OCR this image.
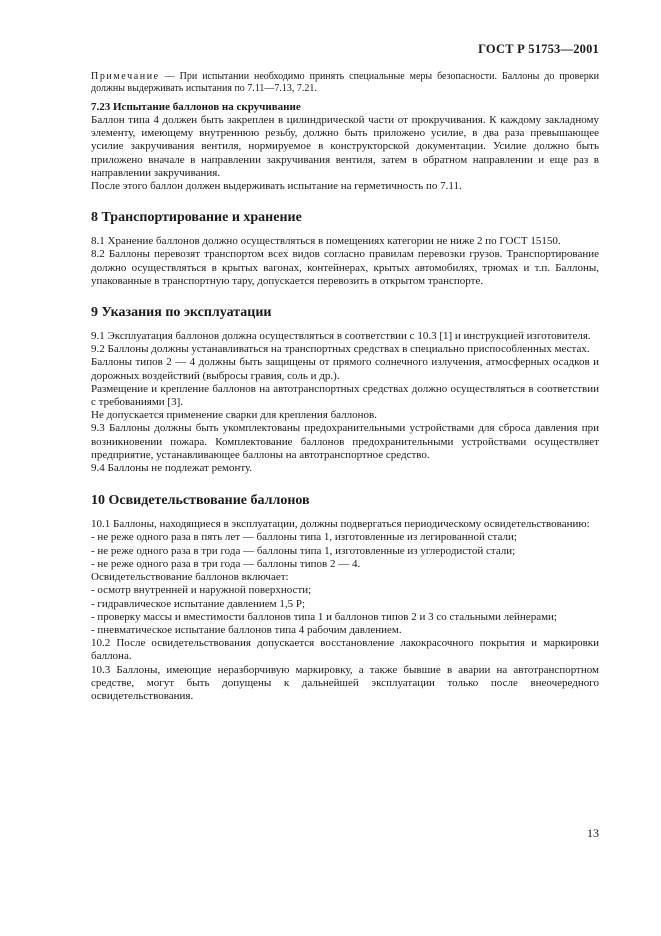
ГОСТ Р 51753—2001
Примечание — При испытании необходимо принять специальные меры безопасности. Баллоны до проверки должны выдерживать испытания по 7.11—7.13, 7.21.
7.23 Испытание баллонов на скручивание

Баллон типа 4 должен быть закреплен в цилиндрической части от прокручивания. К каждому закладному элементу, имеющему внутреннюю резьбу, должно быть приложено усилие, в два раза превышающее усилие закручивания вентиля, нормируемое в конструкторской документации. Усилие должно быть приложено вначале в направлении закручивания вентиля, затем в обратном направлении и еще раз в направлении закручивания.

После этого баллон должен выдерживать испытание на герметичность по 7.11.

8 Транспортирование и хранение

8.1 Хранение баллонов должно осуществляться в помещениях категории не ниже 2 по ГОСТ 15150.

8.2 Баллоны перевозят транспортом всех видов согласно правилам перевозки грузов. Транспортирование должно осуществляться в крытых вагонах, контейнерах, крытых автомобилях, трюмах и т.п. Баллоны, упакованные в транспортную тару, допускается перевозить в открытом транспорте.

9 Указания по эксплуатации

9.1 Эксплуатация баллонов должна осуществляться в соответствии с 10.3 [1] и инструкцией изготовителя.

9.2 Баллоны должны устанавливаться на транспортных средствах в специально приспособленных местах.

Баллоны типов 2 — 4 должны быть защищены от прямого солнечного излучения, атмосферных осадков и дорожных воздействий (выбросы гравия, соль и др.).

Размещение и крепление баллонов на автотранспортных средствах должно осуществляться в соответствии с требованиями [3].

Не допускается применение сварки для крепления баллонов.

9.3 Баллоны должны быть укомплектованы предохранительными устройствами для сброса давления при возникновении пожара. Комплектование баллонов предохранительными устройствами осуществляет предприятие, устанавливающее баллоны на автотранспортное средство.

9.4 Баллоны не подлежат ремонту.

10 Освидетельствование баллонов

10.1 Баллоны, находящиеся в эксплуатации, должны подвергаться периодическому освидетельствованию:

- не реже одного раза в пять лет — баллоны типа 1, изготовленные из легированной стали;

- не реже одного раза в три года — баллоны типа 1, изготовленные из углеродистой стали;

- не реже одного раза в три года — баллоны типов 2 — 4.

Освидетельствование баллонов включает:

- осмотр внутренней и наружной поверхности;

- гидравлическое испытание давлением 1,5 P;

- проверку массы и вместимости баллонов типа 1 и баллонов типов 2 и 3 со стальными лейнерами;

- пневматическое испытание баллонов типа 4 рабочим давлением.

10.2 После освидетельствования допускается восстановление лакокрасочного покрытия и маркировки баллона.

10.3 Баллоны, имеющие неразборчивую маркировку, а также бывшие в аварии на автотранспортном средстве, могут быть допущены к дальнейшей эксплуатации только после внеочередного освидетельствования.

13
